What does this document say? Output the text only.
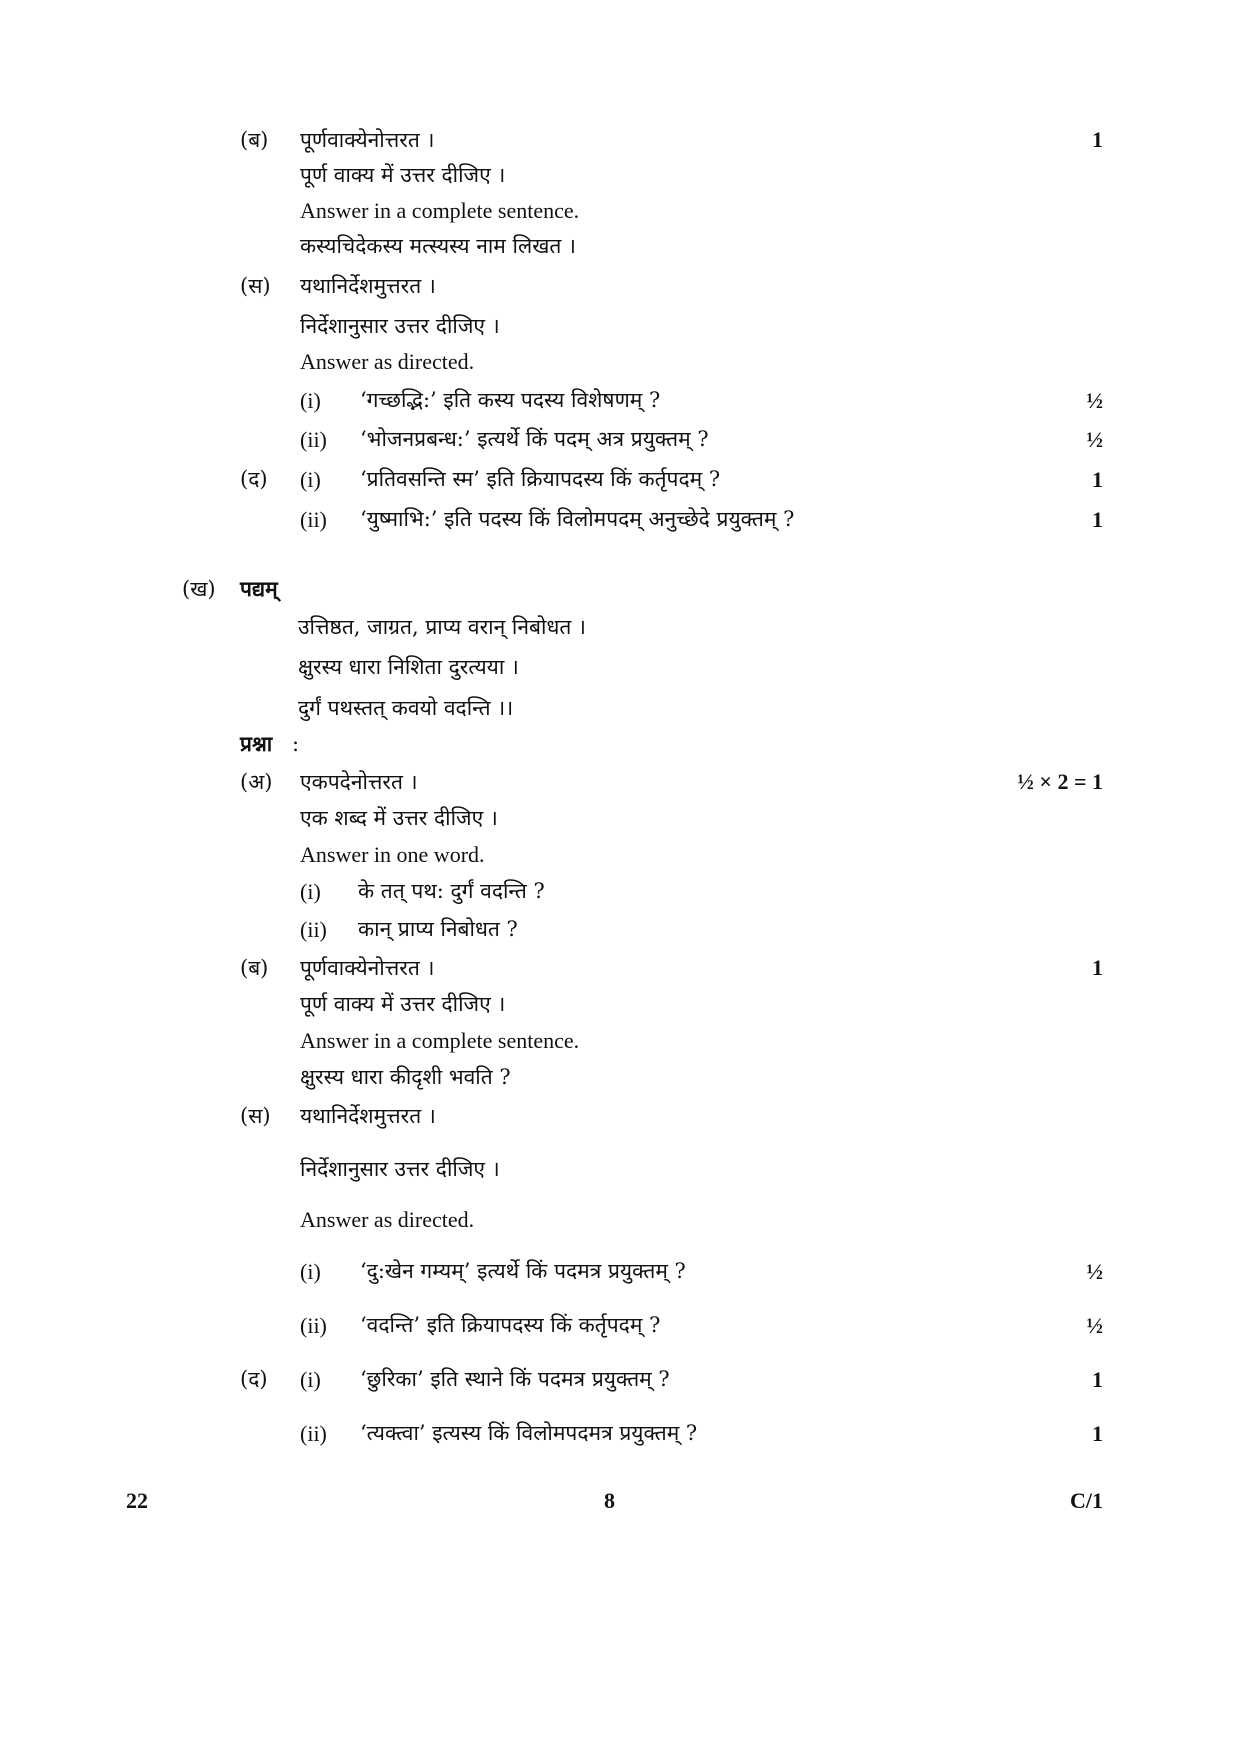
(ब) पूर्णवाक्येनोत्तरत ।	1
पूर्ण वाक्य में उत्तर दीजिए ।
Answer in a complete sentence.
कस्यचिदेकस्य मत्स्यस्य नाम लिखत ।
(स) यथानिर्देशमुत्तरत ।
निर्देशानुसार उत्तर दीजिए ।
Answer as directed.
(i) ‘गच्छद्भि:’ इति कस्य पदस्य विशेषणम् ?	½
(ii) ‘भोजनप्रबन्ध:’ इत्यर्थे किं पदम् अत्र प्रयुक्तम् ?	½
(द) (i) ‘प्रतिवसन्ति स्म’ इति क्रियापदस्य किं कर्तृपदम् ?	1
(ii) ‘युष्माभि:’ इति पदस्य किं विलोमपदम् अनुच्छेदे प्रयुक्तम् ?	1
(ख) पद्यम्
उत्तिष्ठत, जाग्रत, प्राप्य वरान् निबोधत ।
क्षुरस्य धारा निशिता दुरत्यया ।
दुर्गं पथस्तत् कवयो वदन्ति ।।
प्रश्ना :
(अ) एकपदेनोत्तरत ।	½ × 2 = 1
एक शब्द में उत्तर दीजिए ।
Answer in one word.
(i) के तत् पथ: दुर्गं वदन्ति ?
(ii) कान् प्राप्य निबोधत ?
(ब) पूर्णवाक्येनोत्तरत ।	1
पूर्ण वाक्य में उत्तर दीजिए ।
Answer in a complete sentence.
क्षुरस्य धारा कीदृशी भवति ?
(स) यथानिर्देशमुत्तरत ।
निर्देशानुसार उत्तर दीजिए ।
Answer as directed.
(i) ‘दु:खेन गम्यम्’ इत्यर्थे किं पदमत्र प्रयुक्तम् ?	½
(ii) ‘वदन्ति’ इति क्रियापदस्य किं कर्तृपदम् ?	½
(द) (i) ‘छुरिका’ इति स्थाने किं पदमत्र प्रयुक्तम् ?	1
(ii) ‘त्यक्त्वा’ इत्यस्य किं विलोमपदमत्र प्रयुक्तम् ?	1
22	8	C/1
